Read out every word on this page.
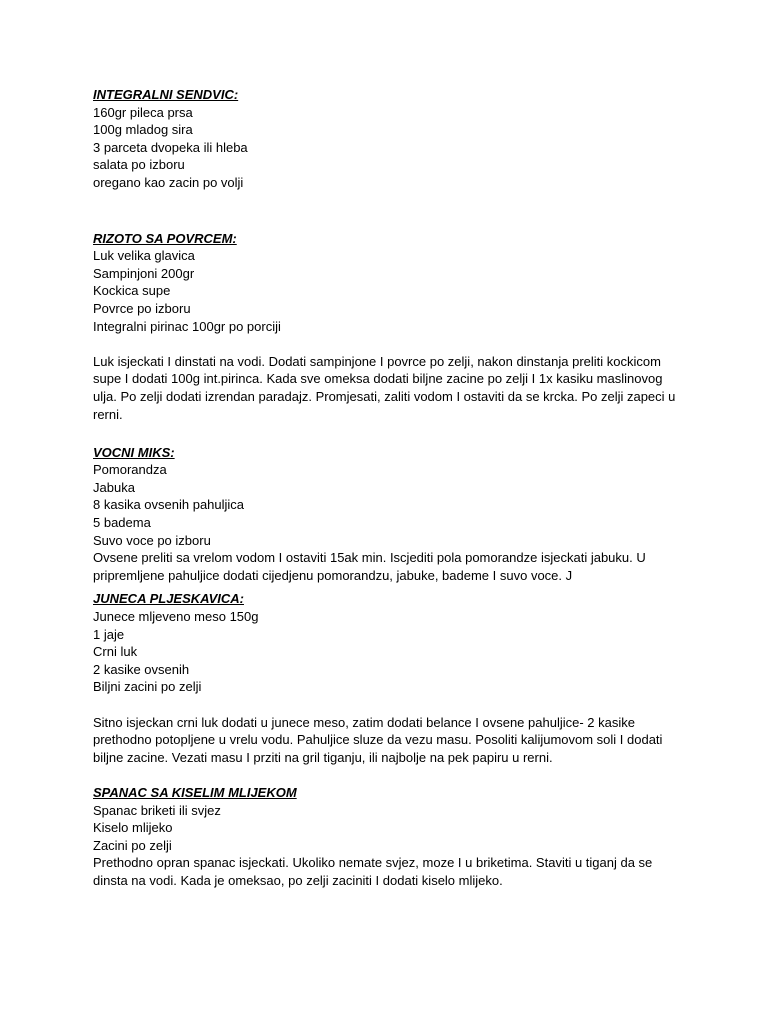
INTEGRALNI SENDVIC:
160gr pileca prsa
100g mladog sira
3 parceta dvopeka ili hleba
salata po izboru
oregano kao zacin po volji
RIZOTO SA POVRCEM:
Luk velika glavica
Sampinjoni 200gr
Kockica supe
Povrce po izboru
Integralni pirinac 100gr po porciji
Luk isjeckati I dinstati na vodi. Dodati sampinjone I povrce po zelji, nakon dinstanja preliti kockicom
supe I dodati 100g int.pirinca. Kada sve omeksa dodati biljne zacine po zelji I 1x kasiku maslinovog
ulja. Po zelji dodati izrendan paradajz. Promjesati, zaliti vodom I ostaviti da se krcka. Po zelji zapeci u
rerni.
VOCNI MIKS:
Pomorandza
Jabuka
8 kasika ovsenih pahuljica
5 badema
Suvo voce po izboru
Ovsene preliti sa vrelom vodom I ostaviti 15ak min. Iscjediti pola pomorandze isjeckati jabuku. U
pripremljene pahuljice dodati cijedjenu pomorandzu, jabuke, bademe I suvo voce. J
JUNECA PLJESKAVICA:
Junece mljeveno meso 150g
1 jaje
Crni luk
2 kasike ovsenih
Biljni zacini po zelji
Sitno isjeckan crni luk dodati u junece meso, zatim dodati belance I ovsene pahuljice- 2 kasike
prethodno potopljene u vrelu vodu. Pahuljice sluze da vezu masu. Posoliti kalijumovom soli I dodati
biljne zacine. Vezati masu I prziti na gril tiganju, ili najbolje na pek papiru u rerni.
SPANAC SA KISELIM MLIJEKOM
Spanac briketi ili svjez
Kiselo mlijeko
Zacini po zelji
Prethodno opran spanac isjeckati. Ukoliko nemate svjez, moze I u briketima. Staviti u tiganj da se
dinsta na vodi. Kada je omeksao, po zelji zaciniti I dodati kiselo mlijeko.
